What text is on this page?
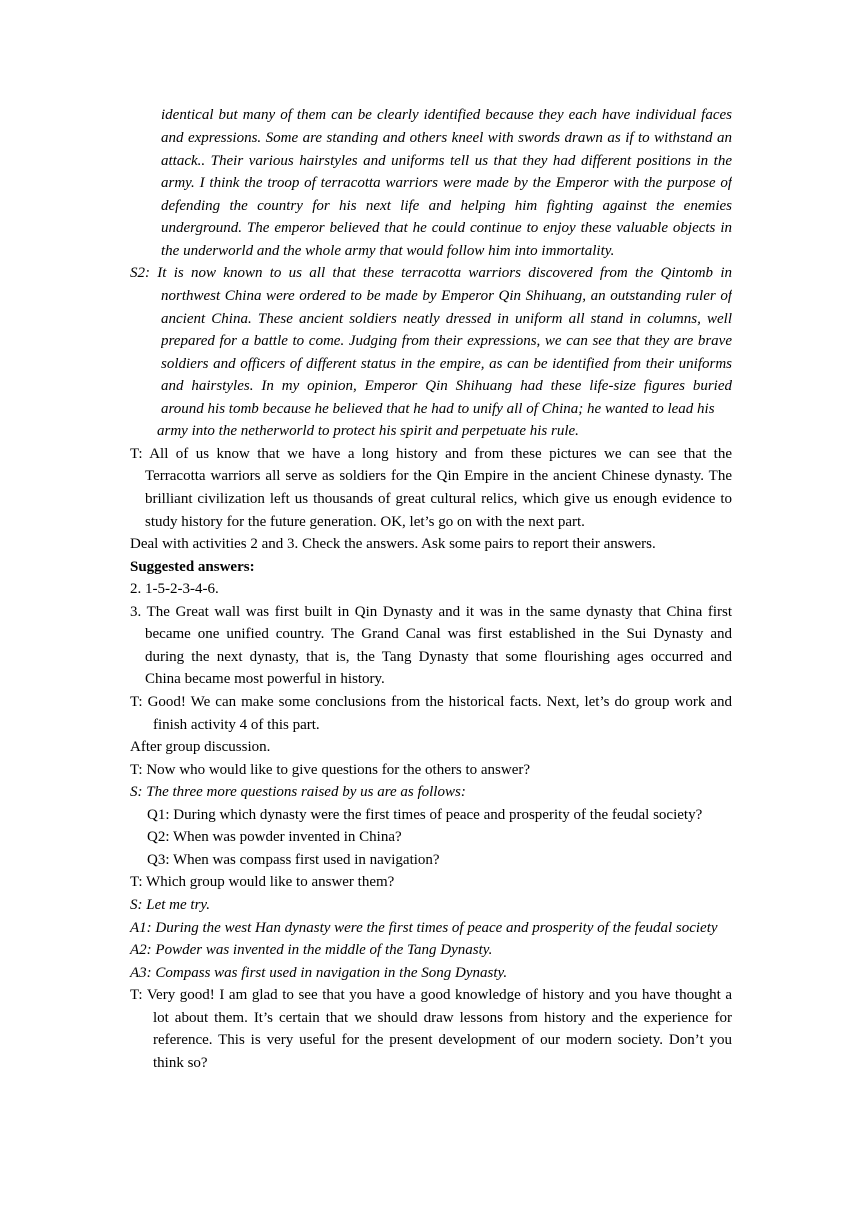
identical but many of them can be clearly identified because they each have individual faces
and expressions. Some are standing and others kneel with swords drawn as if to withstand an
attack.. Their various hairstyles and uniforms tell us that they had different positions in the
army. I think the troop of terracotta warriors were made by the Emperor with the purpose of
defending the country for his next life and helping him fighting against the enemies
underground. The emperor believed that he could continue to enjoy these valuable objects in
the underworld and the whole army that would follow him into immortality.
S2: It is now known to us all that these terracotta warriors discovered from the Qintomb in
northwest China were ordered to be made by Emperor Qin Shihuang, an outstanding ruler of
ancient China. These ancient soldiers neatly dressed in uniform all stand in columns, well
prepared for a battle to come. Judging from their expressions, we can see that they are brave
soldiers and officers of different status in the empire, as can be identified from their uniforms
and hairstyles. In my opinion, Emperor Qin Shihuang had these life-size figures buried
around his tomb because he believed that he had to unify all of China; he wanted to lead his
army into the netherworld to protect his spirit and perpetuate his rule.
T: All of us know that we have a long history and from these pictures we can see that the
Terracotta warriors all serve as soldiers for the Qin Empire in the ancient Chinese dynasty. The
brilliant civilization left us thousands of great cultural relics, which give us enough evidence to
study history for the future generation. OK, let’s go on with the next part.
Deal with activities 2 and 3. Check the answers. Ask some pairs to report their answers.
Suggested answers:
2. 1-5-2-3-4-6.
3. The Great wall was first built in Qin Dynasty and it was in the same dynasty that China first
became one unified country. The Grand Canal was first established in the Sui Dynasty and
during the next dynasty, that is, the Tang Dynasty that some flourishing ages occurred and
China became most powerful in history.
T: Good! We can make some conclusions from the historical facts. Next, let’s do group work and
finish activity 4 of this part.
After group discussion.
T: Now who would like to give questions for the others to answer?
S: The three more questions raised by us are as follows:
Q1: During which dynasty were the first times of peace and prosperity of the feudal society?
Q2: When was powder invented in China?
Q3: When was compass first used in navigation?
T: Which group would like to answer them?
S: Let me try.
A1: During the west Han dynasty were the first times of peace and prosperity of the feudal society
A2: Powder was invented in the middle of the Tang Dynasty.
A3: Compass was first used in navigation in the Song Dynasty.
T: Very good! I am glad to see that you have a good knowledge of history and you have thought a
lot about them. It’s certain that we should draw lessons from history and the experience for
reference. This is very useful for the present development of our modern society. Don’t you
think so?
